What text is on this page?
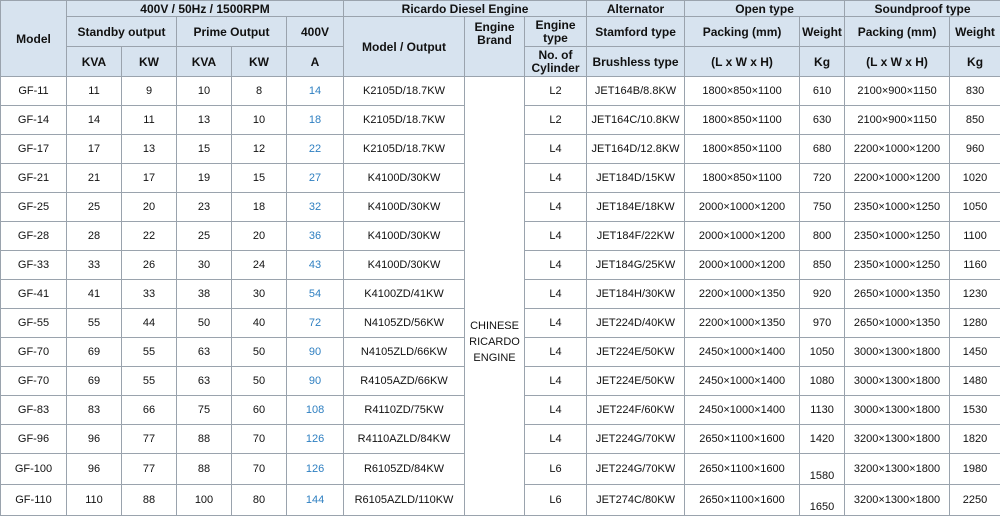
Model	400V / 50Hz / 1500RPM					Ricardo Diesel Engine			Alternator	Open type		Soundproof type	
	Standby output		Prime Output		400V	Model / Output	Engine Brand	Engine type	Stamford type	Packing (mm)	Weight	Packing (mm)	Weight
	KVA	KW	KVA	KW	A			No. of Cylinder	Brushless type	(L x W x H)	Kg	(L x W x H)	Kg
GF-11	11	9	10	8	14	K2105D/18.7KW	CHINESE RICARDO ENGINE	L2	JET164B/8.8KW	1800×850×1100	610	2100×900×1150	830
GF-14	14	11	13	10	18	K2105D/18.7KW		L2	JET164C/10.8KW	1800×850×1100	630	2100×900×1150	850
GF-17	17	13	15	12	22	K2105D/18.7KW		L4	JET164D/12.8KW	1800×850×1100	680	2200×1000×1200	960
GF-21	21	17	19	15	27	K4100D/30KW		L4	JET184D/15KW	1800×850×1100	720	2200×1000×1200	1020
GF-25	25	20	23	18	32	K4100D/30KW		L4	JET184E/18KW	2000×1000×1200	750	2350×1000×1250	1050
GF-28	28	22	25	20	36	K4100D/30KW		L4	JET184F/22KW	2000×1000×1200	800	2350×1000×1250	1100
GF-33	33	26	30	24	43	K4100D/30KW		L4	JET184G/25KW	2000×1000×1200	850	2350×1000×1250	1160
GF-41	41	33	38	30	54	K4100ZD/41KW		L4	JET184H/30KW	2200×1000×1350	920	2650×1000×1350	1230
GF-55	55	44	50	40	72	N4105ZD/56KW		L4	JET224D/40KW	2200×1000×1350	970	2650×1000×1350	1280
GF-70	69	55	63	50	90	N4105ZLD/66KW		L4	JET224E/50KW	2450×1000×1400	1050	3000×1300×1800	1450
GF-70	69	55	63	50	90	R4105AZD/66KW		L4	JET224E/50KW	2450×1000×1400	1080	3000×1300×1800	1480
GF-83	83	66	75	60	108	R4110ZD/75KW		L4	JET224F/60KW	2450×1000×1400	1130	3000×1300×1800	1530
GF-96	96	77	88	70	126	R4110AZLD/84KW		L4	JET224G/70KW	2650×1100×1600	1420	3200×1300×1800	1820
GF-100	96	77	88	70	126	R6105ZD/84KW		L6	JET224G/70KW	2650×1100×1600	1580	3200×1300×1800	1980
GF-110	110	88	100	80	144	R6105AZLD/110KW		L6	JET274C/80KW	2650×1100×1600	1650	3200×1300×1800	2250
